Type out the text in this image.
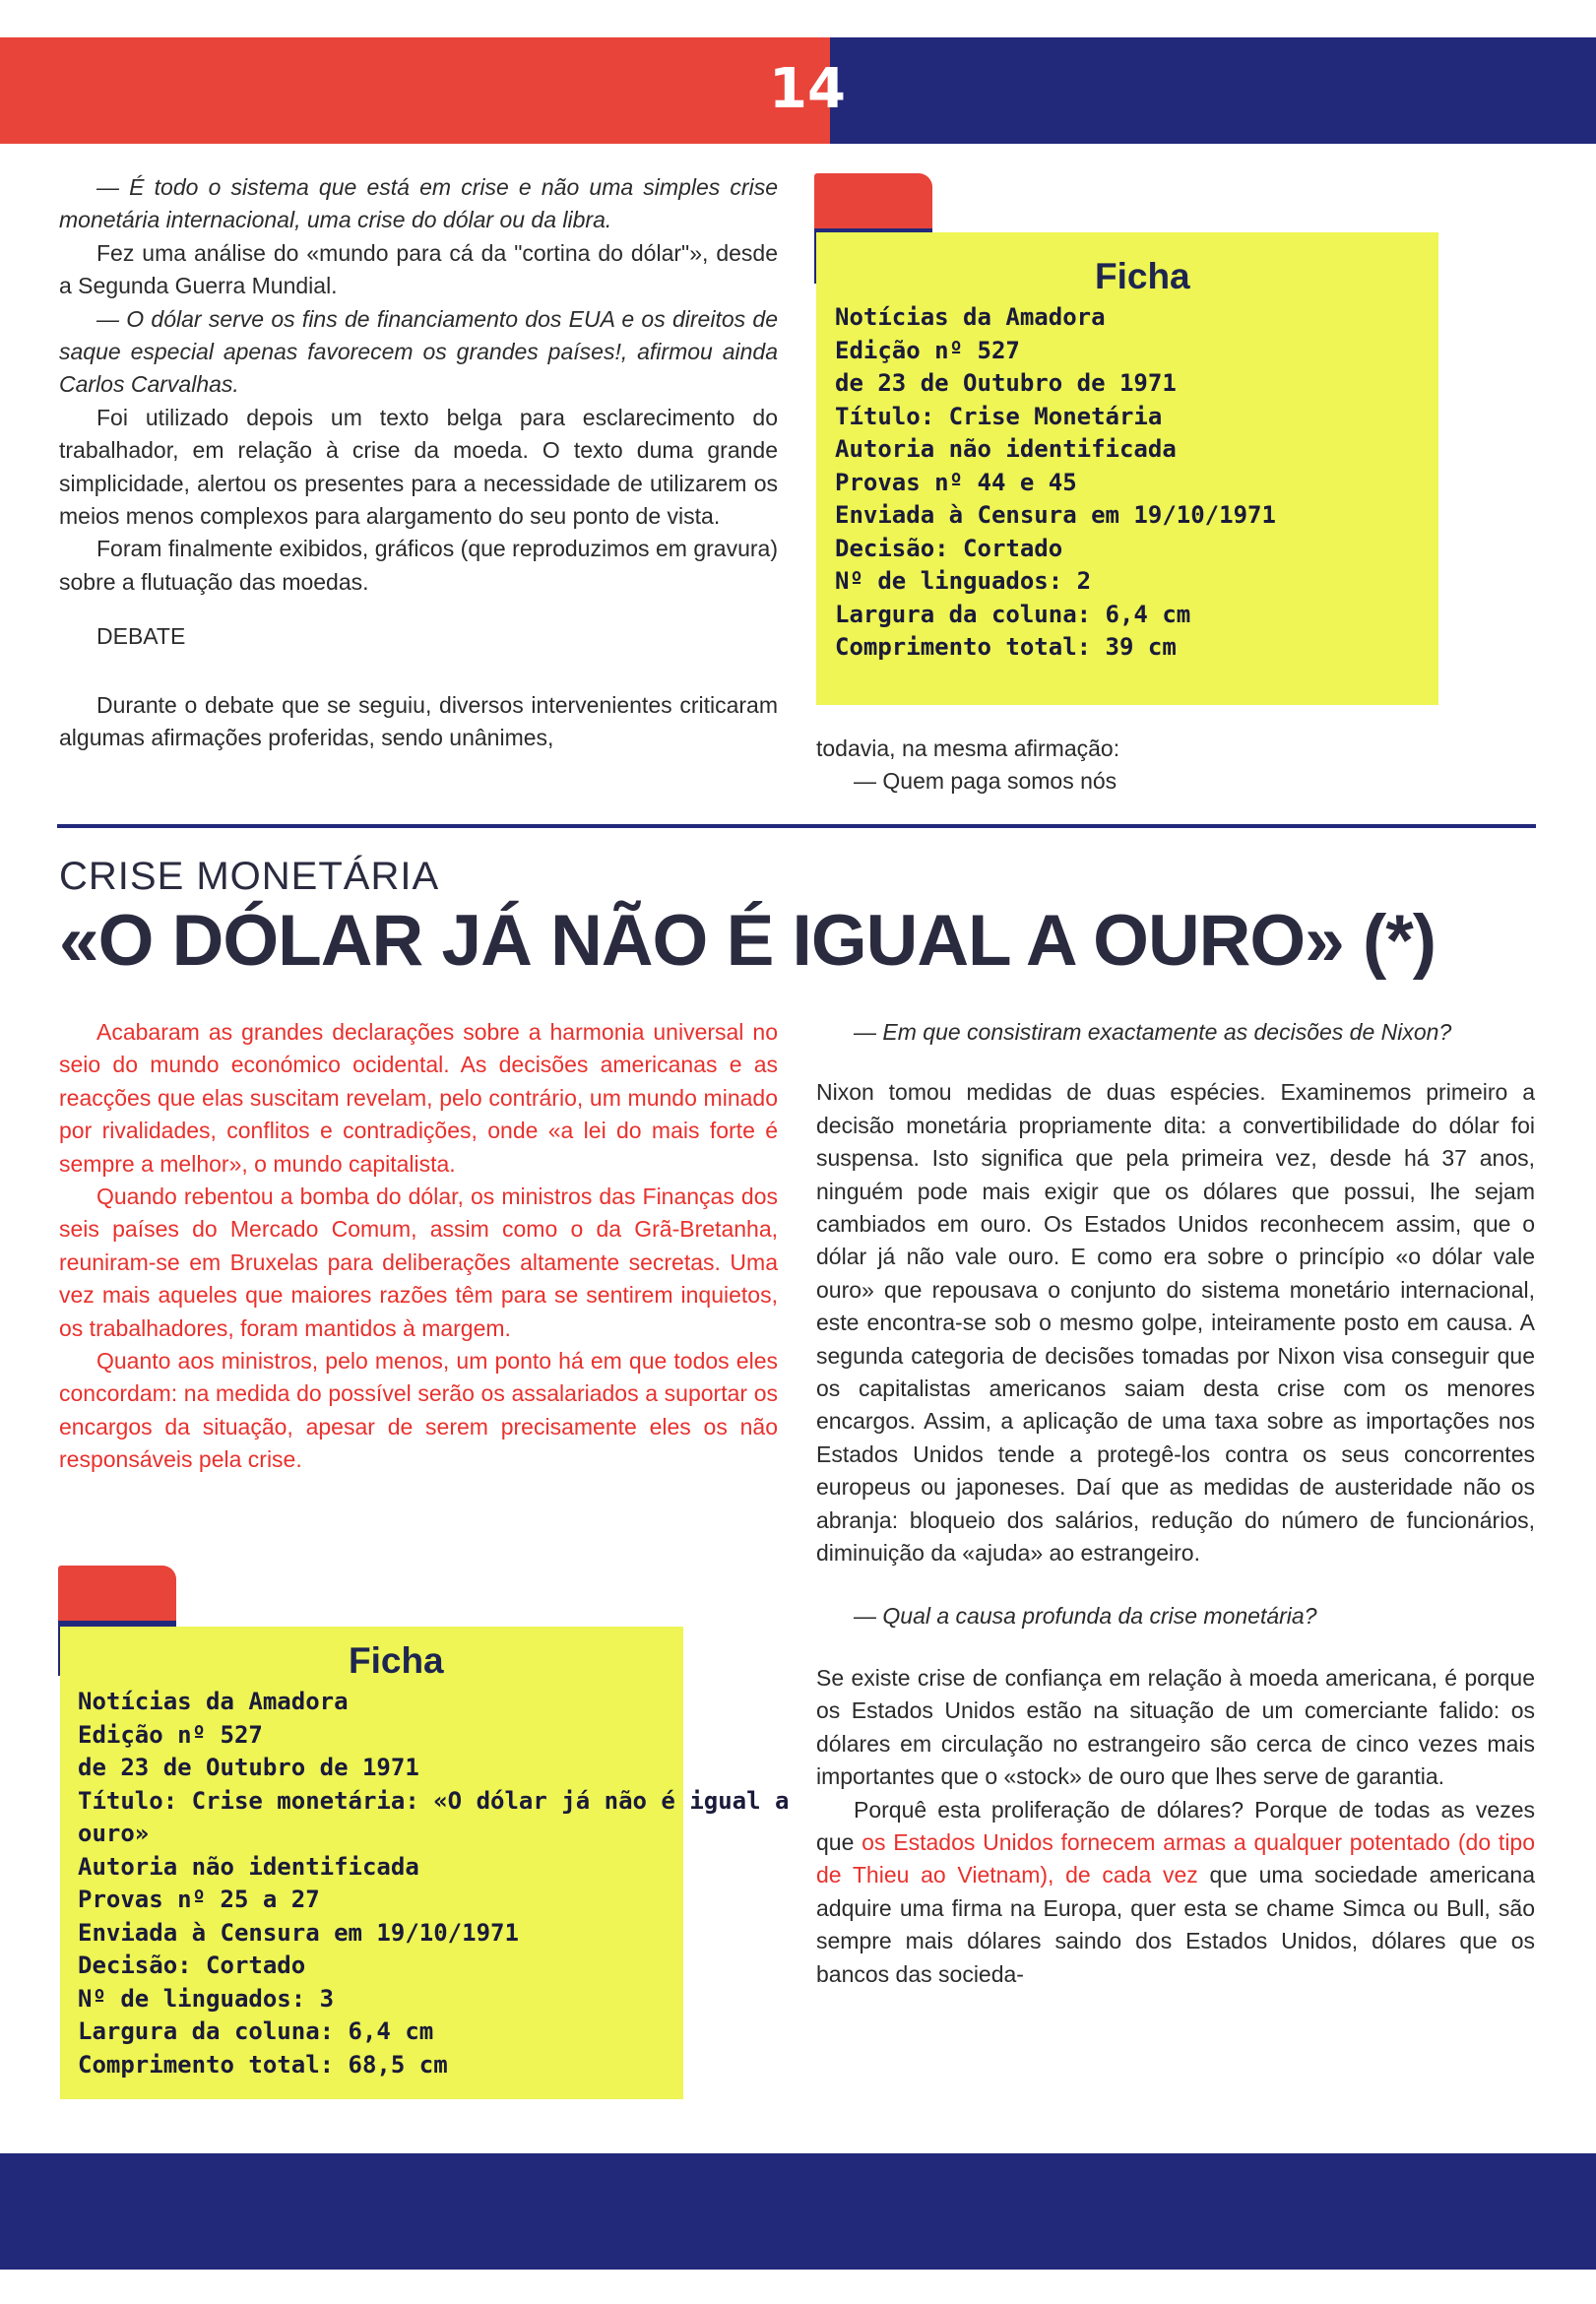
14

— É todo o sistema que está em crise e não uma simples crise monetária internacional, uma crise do dólar ou da libra.

Fez uma análise do «mundo para cá da "cortina do dólar"», desde a Segunda Guerra Mundial.

— O dólar serve os fins de financiamento dos EUA e os direitos de saque especial apenas favorecem os grandes países!, afirmou ainda Carlos Carvalhas.

Foi utilizado depois um texto belga para esclarecimento do trabalhador, em relação à crise da moeda. O texto duma grande simplicidade, alertou os presentes para a necessidade de utilizarem os meios menos complexos para alargamento do seu ponto de vista.

Foram finalmente exibidos, gráficos (que reproduzimos em gravura) sobre a flutuação das moedas.

DEBATE

Durante o debate que se seguiu, diversos intervenientes criticaram algumas afirmações proferidas, sendo unânimes,

Ficha
Notícias da Amadora
Edição nº 527
de 23 de Outubro de 1971
Título: Crise Monetária
Autoria não identificada
Provas nº 44 e 45
Enviada à Censura em 19/10/1971
Decisão: Cortado
Nº de linguados: 2
Largura da coluna: 6,4 cm
Comprimento total: 39 cm

todavia, na mesma afirmação:

— Quem paga somos nós

CRISE MONETÁRIA
«O DÓLAR JÁ NÃO É IGUAL A OURO» (*)

Acabaram as grandes declarações sobre a harmonia universal no seio do mundo económico ocidental. As decisões americanas e as reacções que elas suscitam revelam, pelo contrário, um mundo minado por rivalidades, conflitos e contradições, onde «a lei do mais forte é sempre a melhor», o mundo capitalista.

Quando rebentou a bomba do dólar, os ministros das Finanças dos seis países do Mercado Comum, assim como o da Grã-Bretanha, reuniram-se em Bruxelas para deliberações altamente secretas. Uma vez mais aqueles que maiores razões têm para se sentirem inquietos, os trabalhadores, foram mantidos à margem.

Quanto aos ministros, pelo menos, um ponto há em que todos eles concordam: na medida do possível serão os assalariados a suportar os encargos da situação, apesar de serem precisamente eles os não responsáveis pela crise.

Ficha
Notícias da Amadora
Edição nº 527
de 23 de Outubro de 1971
Título: Crise monetária: «O dólar já não é igual a
ouro»
Autoria não identificada
Provas nº 25 a 27
Enviada à Censura em 19/10/1971
Decisão: Cortado
Nº de linguados: 3
Largura da coluna: 6,4 cm
Comprimento total: 68,5 cm

— Em que consistiram exactamente as decisões de Nixon?

Nixon tomou medidas de duas espécies. Examinemos primeiro a decisão monetária propriamente dita: a convertibilidade do dólar foi suspensa. Isto significa que pela primeira vez, desde há 37 anos, ninguém pode mais exigir que os dólares que possui, lhe sejam cambiados em ouro. Os Estados Unidos reconhecem assim, que o dólar já não vale ouro. E como era sobre o princípio «o dólar vale ouro» que repousava o conjunto do sistema monetário internacional, este encontra-se sob o mesmo golpe, inteiramente posto em causa. A segunda categoria de decisões tomadas por Nixon visa conseguir que os capitalistas americanos saiam desta crise com os menores encargos. Assim, a aplicação de uma taxa sobre as importações nos Estados Unidos tende a protegê-los contra os seus concorrentes europeus ou japoneses. Daí que as medidas de austeridade não os abranja: bloqueio dos salários, redução do número de funcionários, diminuição da «ajuda» ao estrangeiro.

— Qual a causa profunda da crise monetária?

Se existe crise de confiança em relação à moeda americana, é porque os Estados Unidos estão na situação de um comerciante falido: os dólares em circulação no estrangeiro são cerca de cinco vezes mais importantes que o «stock» de ouro que lhes serve de garantia.

Porquê esta proliferação de dólares? Porque de todas as vezes que os Estados Unidos fornecem armas a qualquer potentado (do tipo de Thieu ao Vietnam), de cada vez que uma sociedade americana adquire uma firma na Europa, quer esta se chame Simca ou Bull, são sempre mais dólares saindo dos Estados Unidos, dólares que os bancos das socieda-
